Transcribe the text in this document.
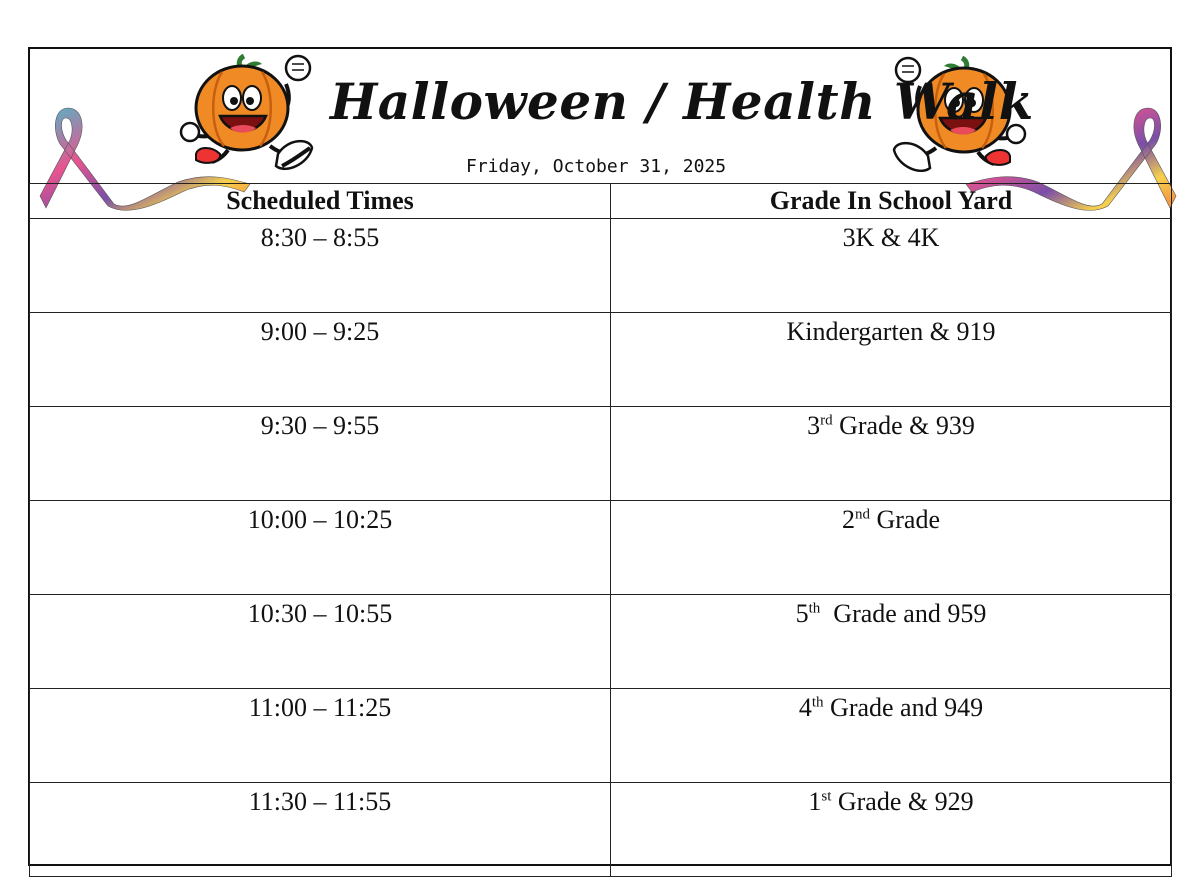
Halloween / Health Walk
Friday, October 31, 2025
Scheduled Times	Grade In School Yard
8:30 – 8:55	3K & 4K
9:00 – 9:25	Kindergarten & 919
9:30 – 9:55	3rd Grade & 939
10:00 – 10:25	2nd Grade
10:30 – 10:55	5th  Grade and 959
11:00 – 11:25	4th Grade and 949
11:30 – 11:55	1st Grade & 929
